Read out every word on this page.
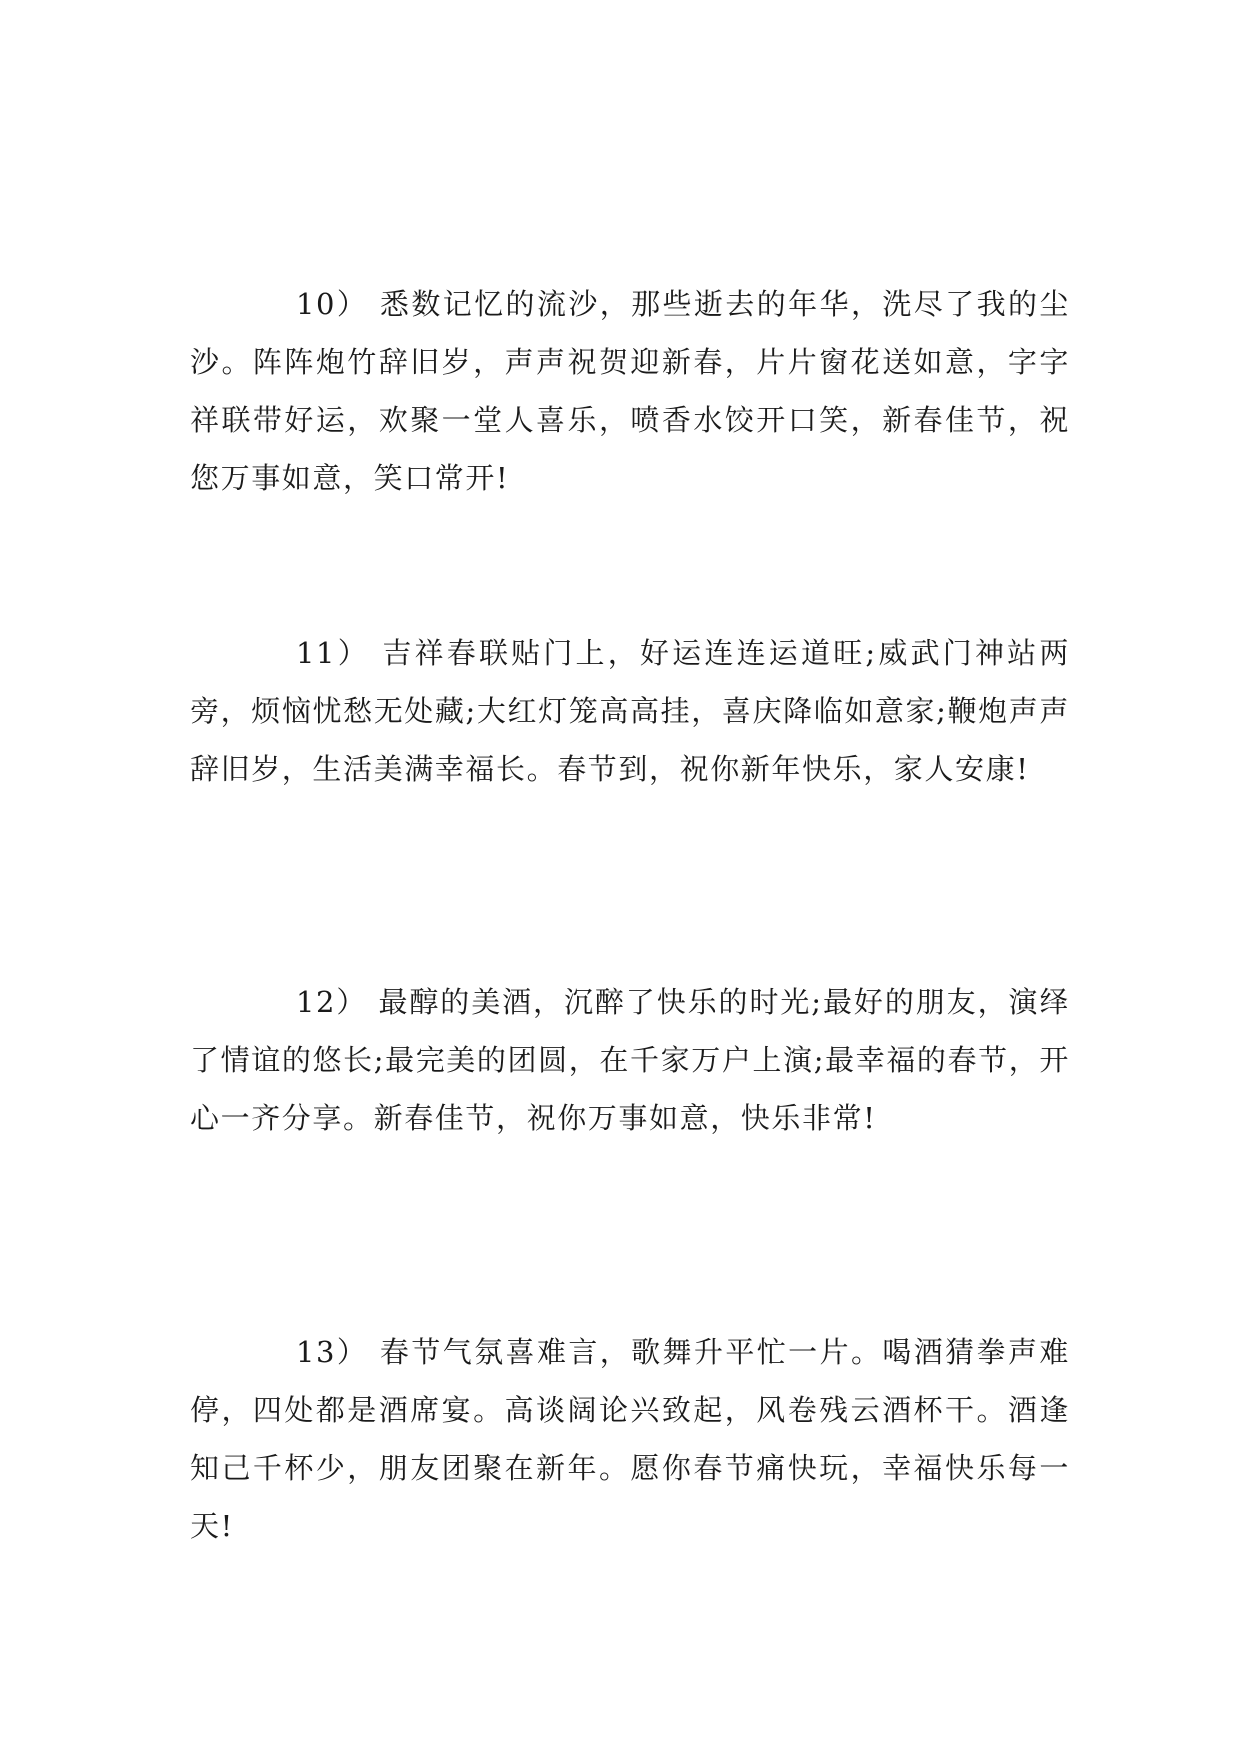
10） 悉数记忆的流沙，那些逝去的年华，洗尽了我的尘沙。阵阵炮竹辞旧岁，声声祝贺迎新春，片片窗花送如意，字字祥联带好运，欢聚一堂人喜乐，喷香水饺开口笑，新春佳节，祝您万事如意，笑口常开!

11） 吉祥春联贴门上，好运连连运道旺;威武门神站两旁，烦恼忧愁无处藏;大红灯笼高高挂，喜庆降临如意家;鞭炮声声辞旧岁，生活美满幸福长。春节到，祝你新年快乐，家人安康!

12） 最醇的美酒，沉醉了快乐的时光;最好的朋友，演绎了情谊的悠长;最完美的团圆，在千家万户上演;最幸福的春节，开心一齐分享。新春佳节，祝你万事如意，快乐非常!

13） 春节气氛喜难言，歌舞升平忙一片。喝酒猜拳声难停，四处都是酒席宴。高谈阔论兴致起，风卷残云酒杯干。酒逢知己千杯少，朋友团聚在新年。愿你春节痛快玩，幸福快乐每一天!
